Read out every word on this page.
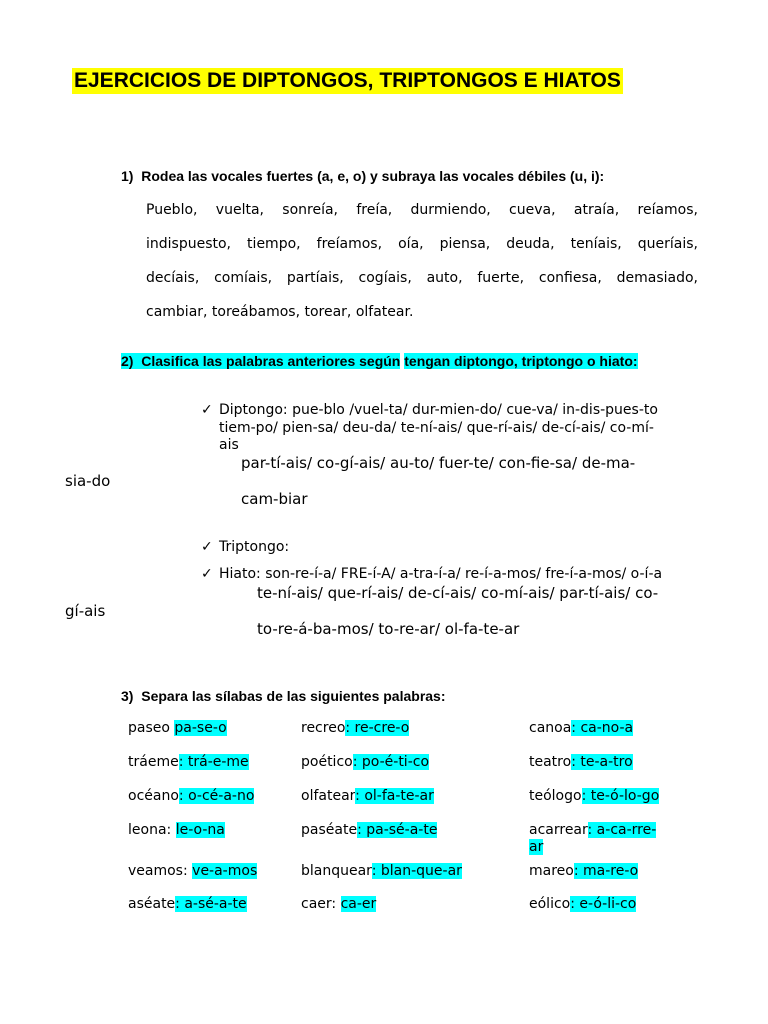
EJERCICIOS DE DIPTONGOS, TRIPTONGOS E HIATOS
1) Rodea las vocales fuertes (a, e, o) y subraya las vocales débiles (u, i):
Pueblo, vuelta, sonreía, freía, durmiendo, cueva, atraía, reíamos,
indispuesto, tiempo, freíamos, oía, piensa, deuda, teníais, queríais,
decíais, comíais, partíais, cogíais, auto, fuerte, confiesa, demasiado,
cambiar, toreábamos, torear, olfatear.
2) Clasifica las palabras anteriores según tengan diptongo, triptongo o hiato:
✓ Diptongo: pue-blo /vuel-ta/ dur-mien-do/ cue-va/ in-dis-pues-to
tiem-po/ pien-sa/ deu-da/ te-ní-ais/ que-rí-ais/ de-cí-ais/ co-mí-
ais
par-tí-ais/ co-gí-ais/ au-to/ fuer-te/ con-fie-sa/ de-ma-
sia-do
cam-biar
✓ Triptongo:
✓ Hiato: son-re-í-a/ FRE-í-A/ a-tra-í-a/ re-í-a-mos/ fre-í-a-mos/ o-í-a
te-ní-ais/ que-rí-ais/ de-cí-ais/ co-mí-ais/ par-tí-ais/ co-
gí-ais
to-re-á-ba-mos/ to-re-ar/ ol-fa-te-ar
3) Separa las sílabas de las siguientes palabras:
paseo pa-se-o	recreo: re-cre-o	canoa: ca-no-a
tráeme: trá-e-me	poético: po-é-ti-co	teatro: te-a-tro
océano: o-cé-a-no	olfatear: ol-fa-te-ar	teólogo: te-ó-lo-go
leona: le-o-na	paséate: pa-sé-a-te	acarrear: a-ca-rre-
ar
veamos: ve-a-mos	blanquear: blan-que-ar	mareo: ma-re-o
aséate: a-sé-a-te	caer: ca-er	eólico: e-ó-li-co
